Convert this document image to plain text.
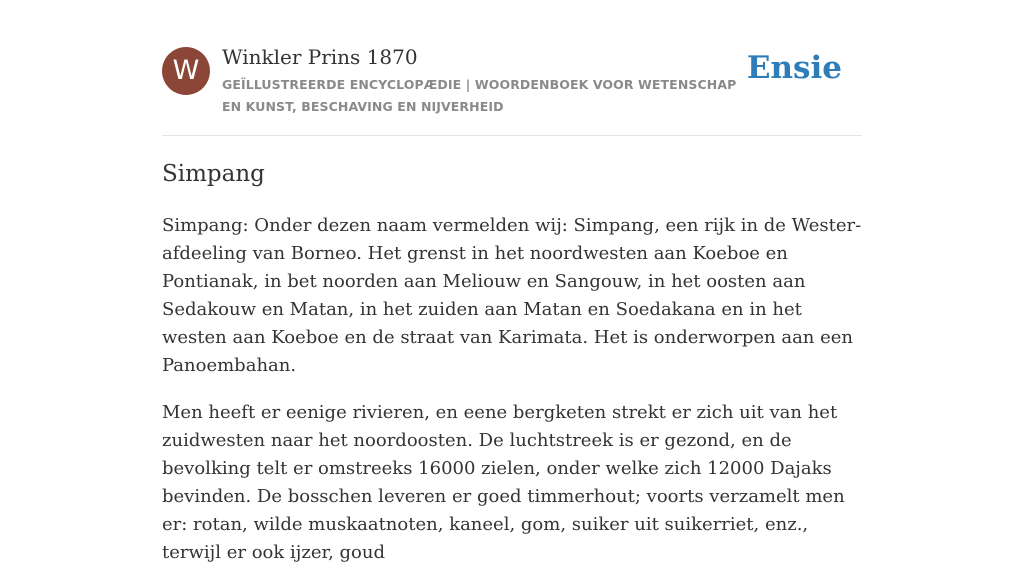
W	Winkler Prins 1870
GEÏLLUSTREERDE ENCYCLOPÆDIE | WOORDENBOEK VOOR WETENSCHAP EN KUNST, BESCHAVING EN NIJVERHEID
Ensie
Simpang

Simpang: Onder dezen naam vermelden wij: Simpang, een rijk in de Wester-afdeeling van Borneo. Het grenst in het noordwesten aan Koeboe en Pontianak, in bet noorden aan Meliouw en Sangouw, in het oosten aan Sedakouw en Matan, in het zuiden aan Matan en Soedakana en in het westen aan Koeboe en de straat van Karimata. Het is onderworpen aan een Panoembahan.

Men heeft er eenige rivieren, en eene bergketen strekt er zich uit van het zuidwesten naar het noordoosten. De luchtstreek is er gezond, en de bevolking telt er omstreeks 16000 zielen, onder welke zich 12000 Dajaks bevinden. De bosschen leveren er goed timmerhout; voorts verzamelt men er: rotan, wilde muskaatnoten, kaneel, gom, suiker uit suikerriet, enz., terwijl er ook ijzer, goud
